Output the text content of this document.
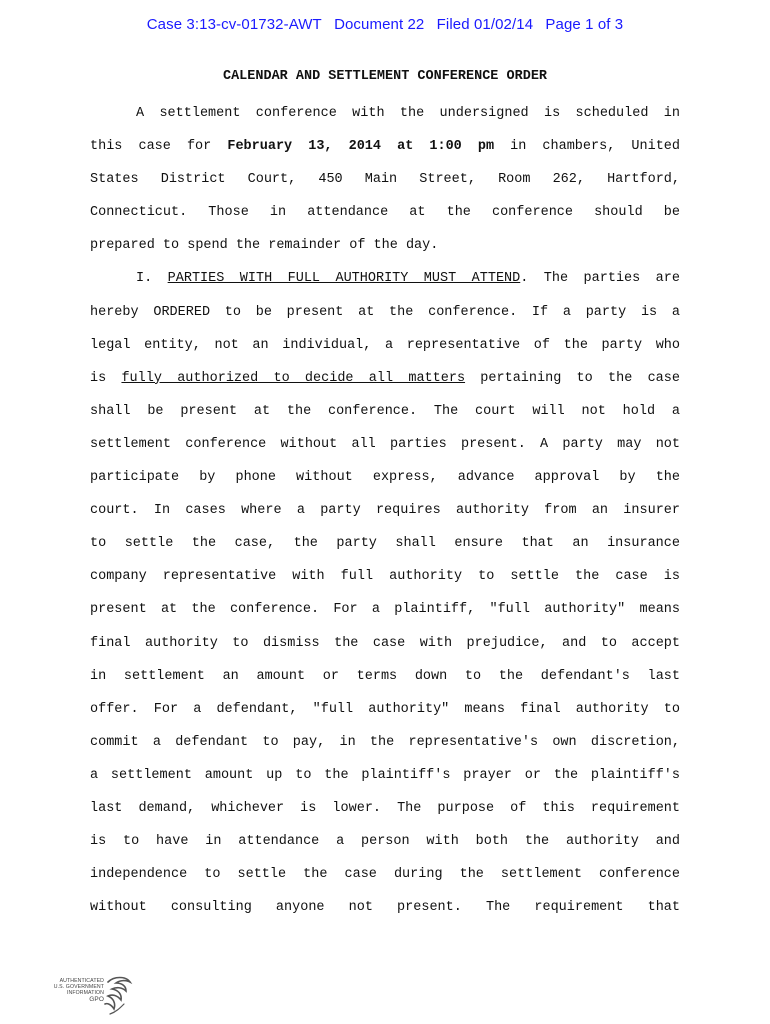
Case 3:13-cv-01732-AWT Document 22 Filed 01/02/14 Page 1 of 3
CALENDAR AND SETTLEMENT CONFERENCE ORDER
A settlement conference with the undersigned is scheduled in
this case for February 13, 2014 at 1:00 pm in chambers, United
States District Court, 450 Main Street, Room 262, Hartford,
Connecticut. Those in attendance at the conference should be
prepared to spend the remainder of the day.
I. PARTIES WITH FULL AUTHORITY MUST ATTEND. The parties are
hereby ORDERED to be present at the conference. If a party is a
legal entity, not an individual, a representative of the party who
is fully authorized to decide all matters pertaining to the case
shall be present at the conference. The court will not hold a
settlement conference without all parties present. A party may not
participate by phone without express, advance approval by the
court. In cases where a party requires authority from an insurer
to settle the case, the party shall ensure that an insurance
company representative with full authority to settle the case is
present at the conference. For a plaintiff, "full authority" means
final authority to dismiss the case with prejudice, and to accept
in settlement an amount or terms down to the defendant's last
offer. For a defendant, "full authority" means final authority to
commit a defendant to pay, in the representative's own discretion,
a settlement amount up to the plaintiff's prayer or the plaintiff's
last demand, whichever is lower. The purpose of this requirement
is to have in attendance a person with both the authority and
independence to settle the case during the settlement conference
without consulting anyone not present. The requirement that
AUTHENTICATED
U.S. GOVERNMENT
INFORMATION
GPO
